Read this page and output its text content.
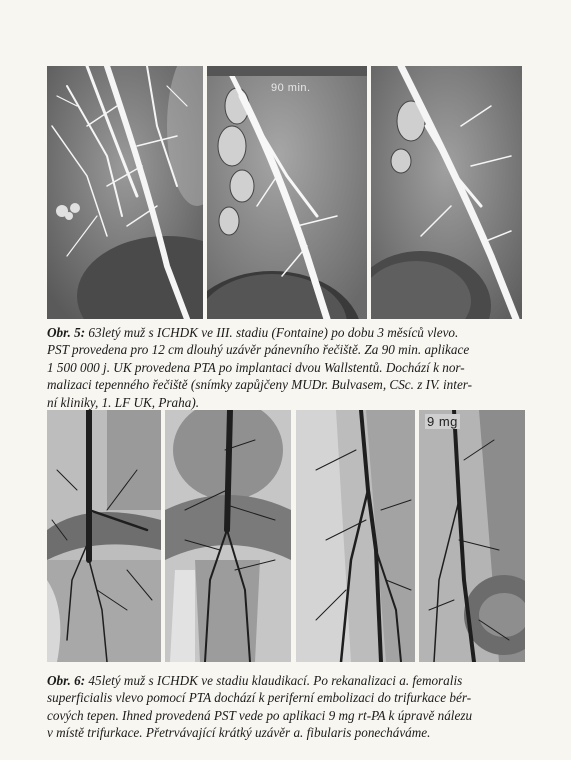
90 min.
Obr. 5: 63letý muž s ICHDK ve III. stadiu (Fontaine) po dobu 3 měsíců vlevo.
PST provedena pro 12 cm dlouhý uzávěr pánevního řečiště. Za 90 min. aplikace
1 500 000 j. UK provedena PTA po implantaci dvou Wallstentů. Dochází k nor-
malizaci tepenného řečiště (snímky zapůjčeny MUDr. Bulvasem, CSc. z IV. inter-
ní kliniky, 1. LF UK, Praha).
9 mg
Obr. 6: 45letý muž s ICHDK ve stadiu klaudikací. Po rekanalizaci a. femoralis
superficialis vlevo pomocí PTA dochází k periferní embolizaci do trifurkace bér-
cových tepen. Ihned provedená PST vede po aplikaci 9 mg rt-PA k úpravě nálezu
v místě trifurkace. Přetrvávající krátký uzávěr a. fibularis ponecháváme.
